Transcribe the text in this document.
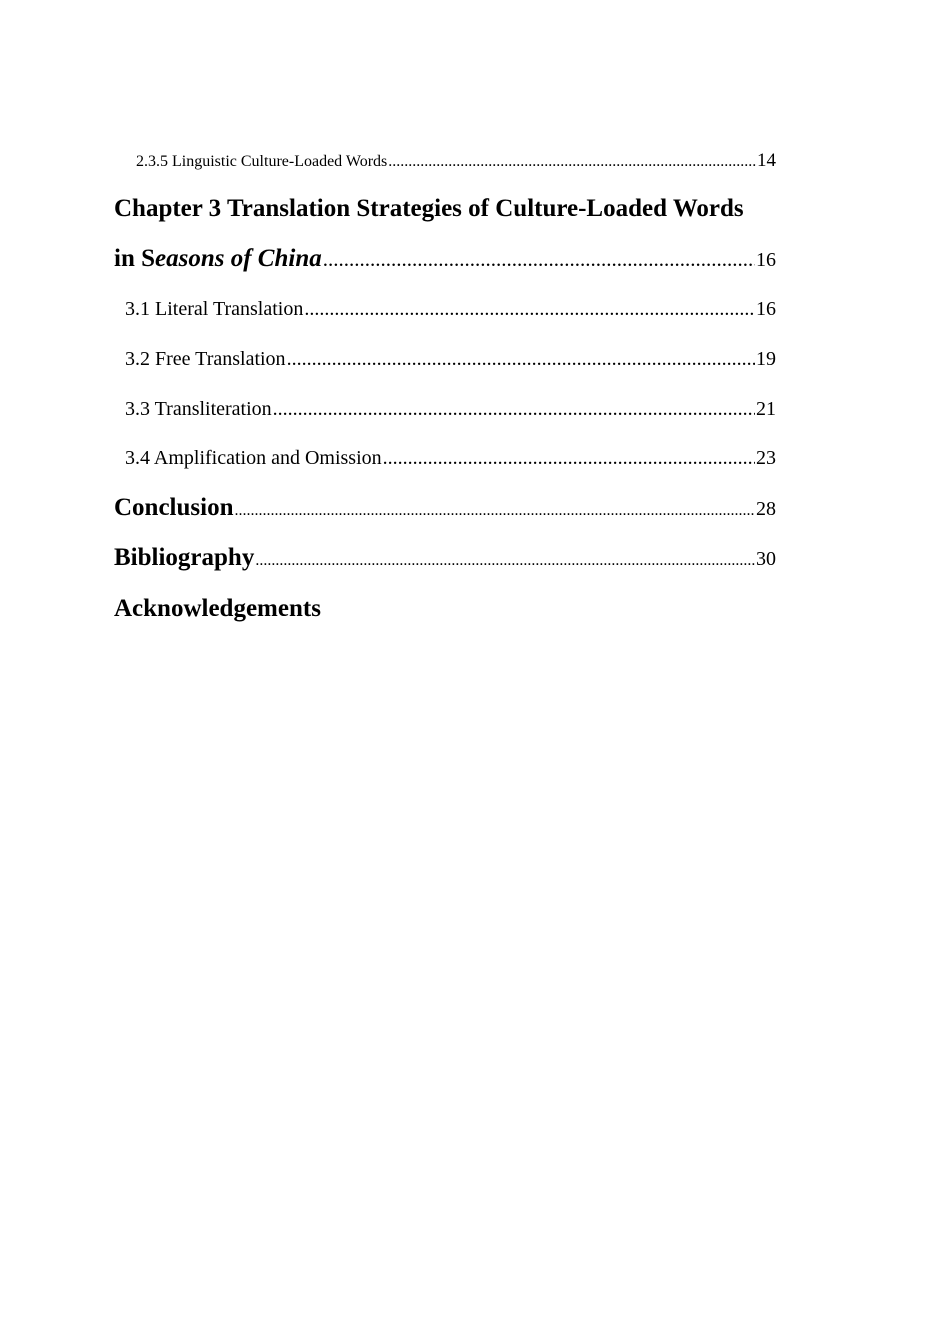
2.3.5 Linguistic Culture-Loaded Words .....	14
Chapter 3 Translation Strategies of Culture-Loaded Words
in Seasons of China .....	16
3.1 Literal Translation .....	16
3.2 Free Translation .....	19
3.3 Transliteration .....	21
3.4 Amplification and Omission .....	23
Conclusion .....	28
Bibliography .....	30
Acknowledgements
